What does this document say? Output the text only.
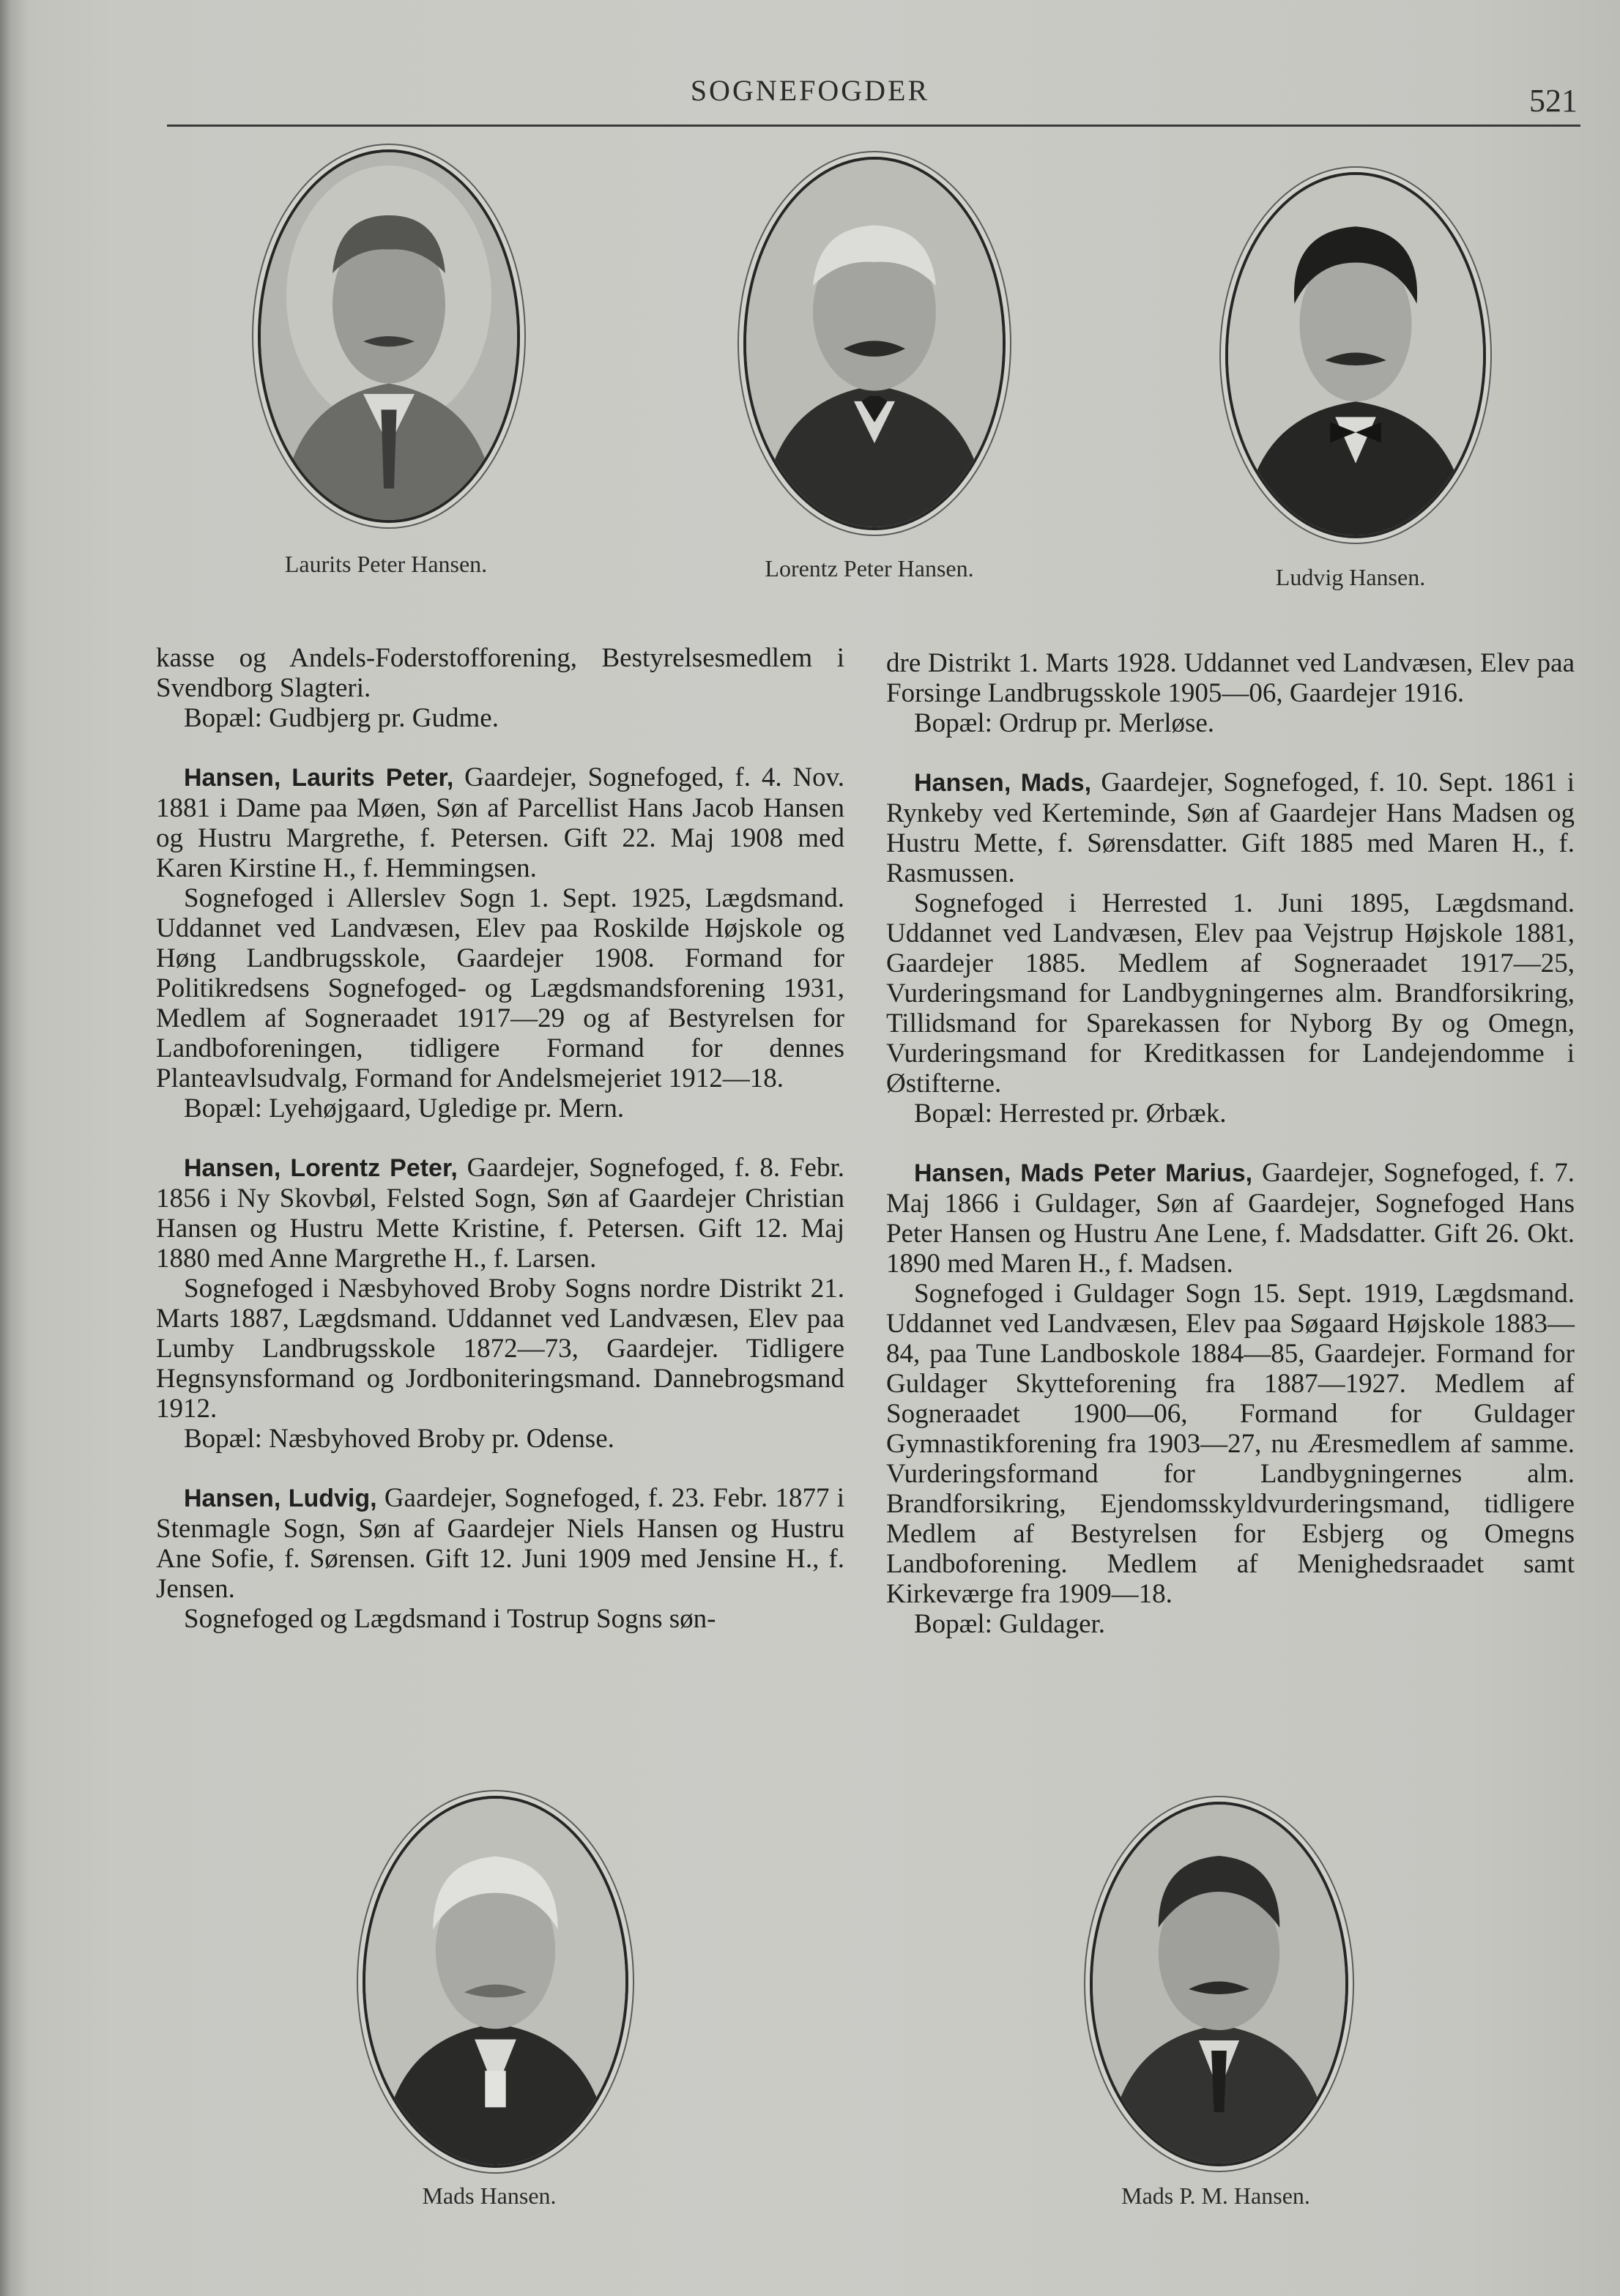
SOGNEFOGDER	521
Laurits Peter Hansen.	Lorentz Peter Hansen.	Ludvig Hansen.

kasse og Andels-Foderstofforening, Bestyrelsesmedlem i Svendborg Slagteri.

Bopæl: Gudbjerg pr. Gudme.

Hansen, Laurits Peter, Gaardejer, Sognefoged, f. 4. Nov. 1881 i Dame paa Møen, Søn af Parcellist Hans Jacob Hansen og Hustru Margrethe, f. Petersen. Gift 22. Maj 1908 med Karen Kirstine H., f. Hemmingsen.

Sognefoged i Allerslev Sogn 1. Sept. 1925, Lægdsmand. Uddannet ved Landvæsen, Elev paa Roskilde Højskole og Høng Landbrugsskole, Gaardejer 1908. Formand for Politikredsens Sognefoged- og Lægdsmandsforening 1931, Medlem af Sogneraadet 1917—29 og af Bestyrelsen for Landboforeningen, tidligere Formand for dennes Planteavlsudvalg, Formand for Andelsmejeriet 1912—18.

Bopæl: Lyehøjgaard, Ugledige pr. Mern.

Hansen, Lorentz Peter, Gaardejer, Sognefoged, f. 8. Febr. 1856 i Ny Skovbøl, Felsted Sogn, Søn af Gaardejer Christian Hansen og Hustru Mette Kristine, f. Petersen. Gift 12. Maj 1880 med Anne Margrethe H., f. Larsen.

Sognefoged i Næsbyhoved Broby Sogns nordre Distrikt 21. Marts 1887, Lægdsmand. Uddannet ved Landvæsen, Elev paa Lumby Landbrugsskole 1872—73, Gaardejer. Tidligere Hegnsynsformand og Jordboniteringsmand. Dannebrogsmand 1912.

Bopæl: Næsbyhoved Broby pr. Odense.

Hansen, Ludvig, Gaardejer, Sognefoged, f. 23. Febr. 1877 i Stenmagle Sogn, Søn af Gaardejer Niels Hansen og Hustru Ane Sofie, f. Sørensen. Gift 12. Juni 1909 med Jensine H., f. Jensen.

Sognefoged og Lægdsmand i Tostrup Sogns søn-

dre Distrikt 1. Marts 1928. Uddannet ved Landvæsen, Elev paa Forsinge Landbrugsskole 1905—06, Gaardejer 1916.

Bopæl: Ordrup pr. Merløse.

Hansen, Mads, Gaardejer, Sognefoged, f. 10. Sept. 1861 i Rynkeby ved Kerteminde, Søn af Gaardejer Hans Madsen og Hustru Mette, f. Sørensdatter. Gift 1885 med Maren H., f. Rasmussen.

Sognefoged i Herrested 1. Juni 1895, Lægdsmand. Uddannet ved Landvæsen, Elev paa Vejstrup Højskole 1881, Gaardejer 1885. Medlem af Sogneraadet 1917—25, Vurderingsmand for Landbygningernes alm. Brandforsikring, Tillidsmand for Sparekassen for Nyborg By og Omegn, Vurderingsmand for Kreditkassen for Landejendomme i Østifterne.

Bopæl: Herrested pr. Ørbæk.

Hansen, Mads Peter Marius, Gaardejer, Sognefoged, f. 7. Maj 1866 i Guldager, Søn af Gaardejer, Sognefoged Hans Peter Hansen og Hustru Ane Lene, f. Madsdatter. Gift 26. Okt. 1890 med Maren H., f. Madsen.

Sognefoged i Guldager Sogn 15. Sept. 1919, Lægdsmand. Uddannet ved Landvæsen, Elev paa Søgaard Højskole 1883—84, paa Tune Landboskole 1884—85, Gaardejer. Formand for Guldager Skytteforening fra 1887—1927. Medlem af Sogneraadet 1900—06, Formand for Guldager Gymnastikforening fra 1903—27, nu Æresmedlem af samme. Vurderingsformand for Landbygningernes alm. Brandforsikring, Ejendomsskyldvurderingsmand, tidligere Medlem af Bestyrelsen for Esbjerg og Omegns Landboforening. Medlem af Menighedsraadet samt Kirkeværge fra 1909—18.

Bopæl: Guldager.

Mads Hansen.	Mads P. M. Hansen.
